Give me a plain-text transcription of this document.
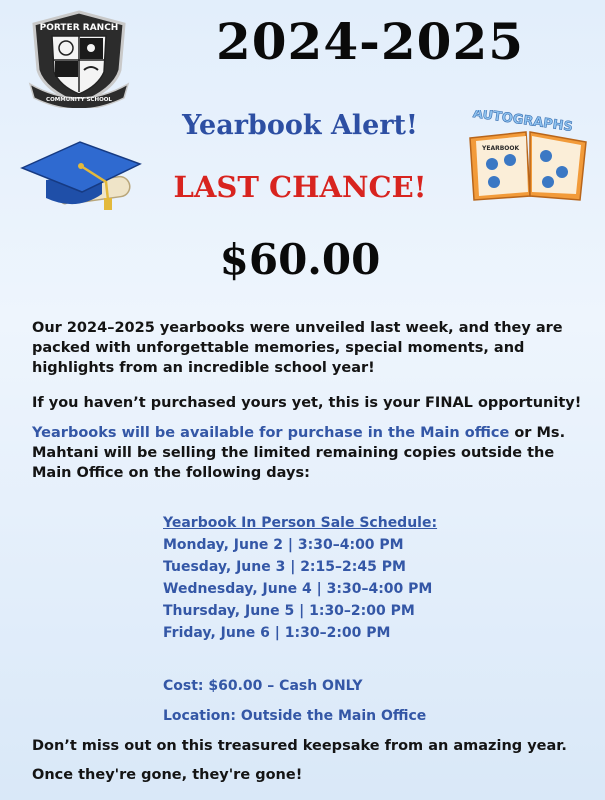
PORTER RANCH
COMMUNITY SCHOOL
2024-2025
Yearbook Alert!
LAST CHANCE!
$60.00
AUTOGRAPHS
YEARBOOK
Our 2024–2025 yearbooks were unveiled last week, and they are packed with unforgettable memories, special moments, and highlights from an incredible school year!
If you haven’t purchased yours yet, this is your FINAL opportunity!
Yearbooks will be available for purchase in the Main office or Ms. Mahtani will be selling the limited remaining copies outside the Main Office on the following days:
Yearbook In Person Sale Schedule:
Monday, June 2 | 3:30–4:00 PM
Tuesday, June 3 | 2:15–2:45 PM
Wednesday, June 4 | 3:30–4:00 PM
Thursday, June 5 | 1:30–2:00 PM
Friday, June 6 | 1:30–2:00 PM
Cost: $60.00 – Cash ONLY
Location: Outside the Main Office
Don’t miss out on this treasured keepsake from an amazing year.
Once they're gone, they're gone!
